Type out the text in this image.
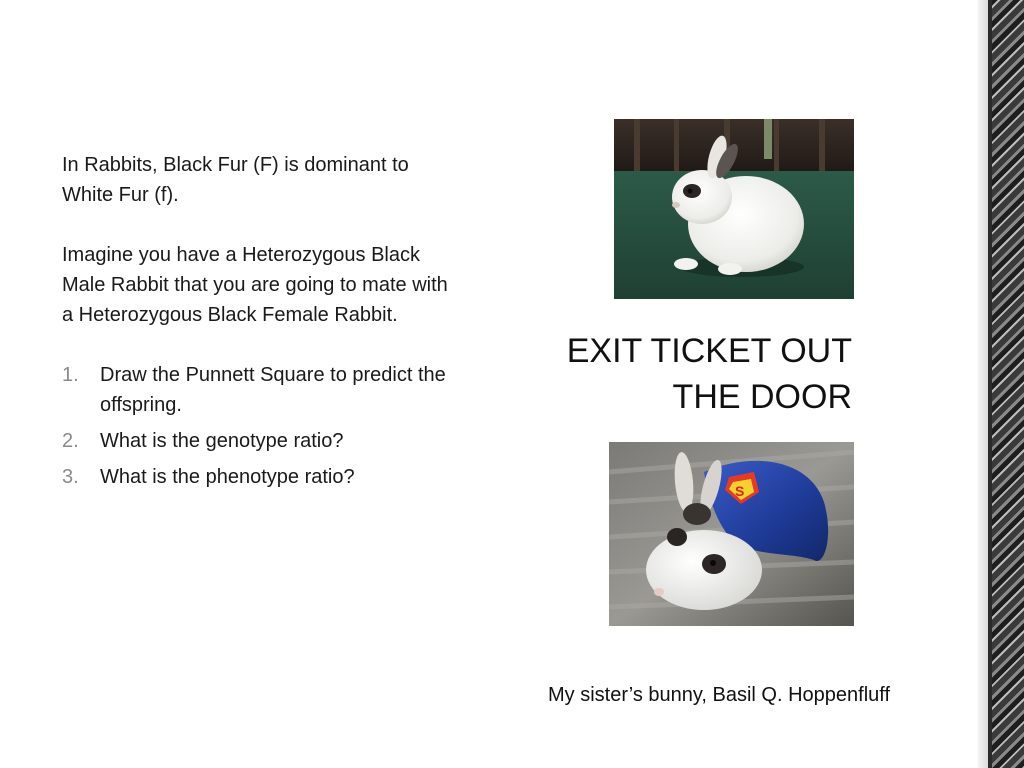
In Rabbits, Black Fur (F) is dominant to White Fur (f).

Imagine you have a Heterozygous Black Male Rabbit that you are going to mate with a Heterozygous Black Female Rabbit.

1. Draw the Punnett Square to predict the offspring.
2. What is the genotype ratio?
3. What is the phenotype ratio?
EXIT TICKET OUT
THE DOOR
S
My sister’s bunny, Basil Q. Hoppenfluff
